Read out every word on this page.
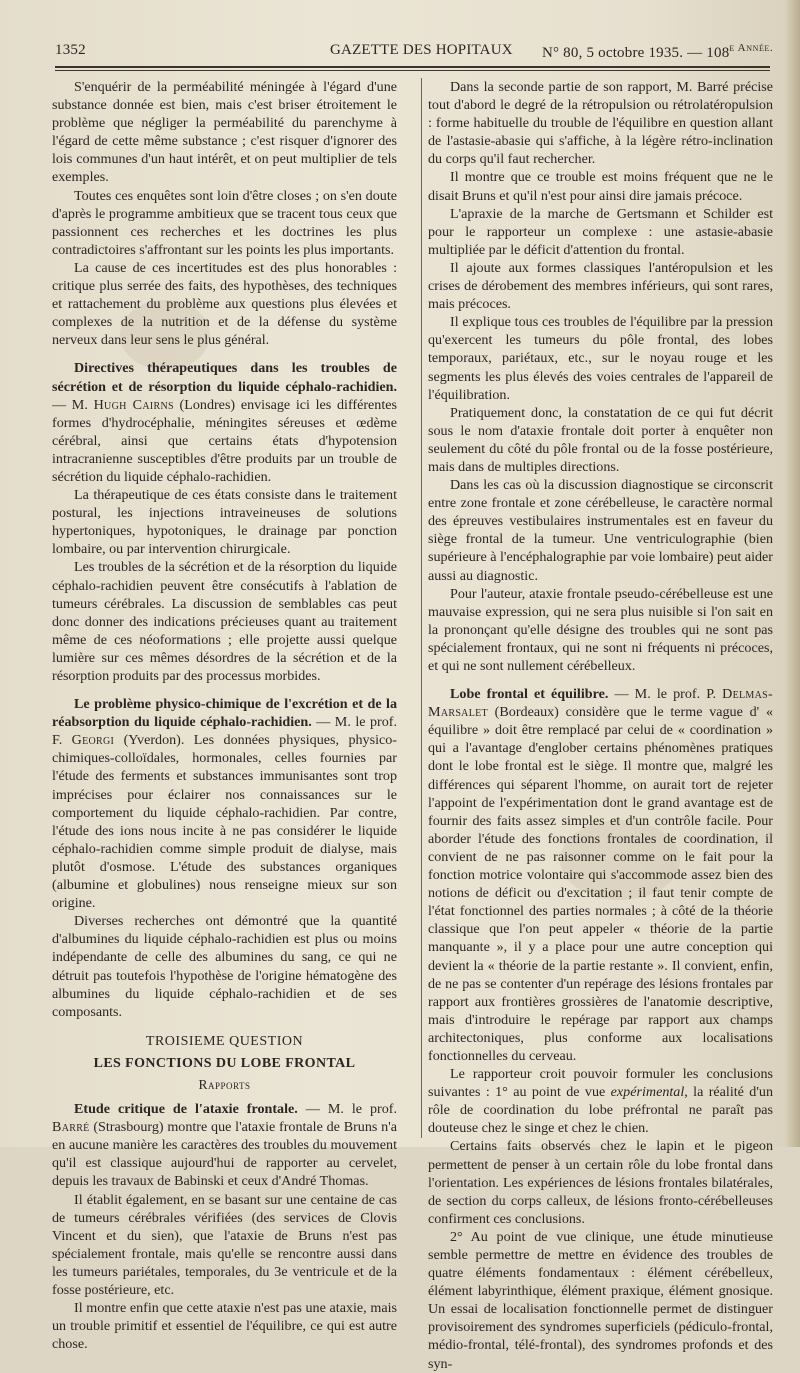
1352	GAZETTE DES HOPITAUX N° 80, 5 octobre 1935. — $108^{e Année.}$

S'enquérir de la perméabilité méningée à l'égard d'une substance donnée est bien, mais c'est briser étroitement le problème que négliger la perméabilité du parenchyme à l'égard de cette même substance ; c'est risquer d'ignorer des lois communes d'un haut intérêt, et on peut multiplier de tels exemples.

Toutes ces enquêtes sont loin d'être closes ; on s'en doute d'après le programme ambitieux que se tracent tous ceux que passionnent ces recherches et les doctrines les plus contradictoires s'affrontant sur les points les plus importants.

La cause de ces incertitudes est des plus honorables : critique plus serrée des faits, des hypothèses, des techniques et rattachement du problème aux questions plus élevées et complexes de la nutrition et de la défense du système nerveux dans leur sens le plus général.

Directives thérapeutiques dans les troubles de sécrétion et de résorption du liquide céphalo-rachidien. — M. Hugh Cairns (Londres) envisage ici les différentes formes d'hydrocéphalie, méningites séreuses et œdème cérébral, ainsi que certains états d'hypotension intracranienne susceptibles d'être produits par un trouble de sécrétion du liquide céphalo-rachidien.

La thérapeutique de ces états consiste dans le traitement postural, les injections intraveineuses de solutions hypertoniques, hypotoniques, le drainage par ponction lombaire, ou par intervention chirurgicale.

Les troubles de la sécrétion et de la résorption du liquide céphalo-rachidien peuvent être consécutifs à l'ablation de tumeurs cérébrales. La discussion de semblables cas peut donc donner des indications précieuses quant au traitement même de ces néoformations ; elle projette aussi quelque lumière sur ces mêmes désordres de la sécrétion et de la résorption produits par des processus morbides.

Le problème physico-chimique de l'excrétion et de la réabsorption du liquide céphalo-rachidien. — M. le prof. F. Georgi (Yverdon). Les données physiques, physico-chimiques-colloïdales, hormonales, celles fournies par l'étude des ferments et substances immunisantes sont trop imprécises pour éclairer nos connaissances sur le comportement du liquide céphalo-rachidien. Par contre, l'étude des ions nous incite à ne pas considérer le liquide céphalo-rachidien comme simple produit de dialyse, mais plutôt d'osmose. L'étude des substances organiques (albumine et globulines) nous renseigne mieux sur son origine.

Diverses recherches ont démontré que la quantité d'albumines du liquide céphalo-rachidien est plus ou moins indépendante de celle des albumines du sang, ce qui ne détruit pas toutefois l'hypothèse de l'origine hématogène des albumines du liquide céphalo-rachidien et de ses composants.

TROISIEME QUESTION

LES FONCTIONS DU LOBE FRONTAL

Rapports

Etude critique de l'ataxie frontale. — M. le prof. Barré (Strasbourg) montre que l'ataxie frontale de Bruns n'a en aucune manière les caractères des troubles du mouvement qu'il est classique aujourd'hui de rapporter au cervelet, depuis les travaux de Babinski et ceux d'André Thomas.

Il établit également, en se basant sur une centaine de cas de tumeurs cérébrales vérifiées (des services de Clovis Vincent et du sien), que l'ataxie de Bruns n'est pas spécialement frontale, mais qu'elle se rencontre aussi dans les tumeurs pariétales, temporales, du 3e ventricule et de la fosse postérieure, etc.

Il montre enfin que cette ataxie n'est pas une ataxie, mais un trouble primitif et essentiel de l'équilibre, ce qui est autre chose.

Dans la seconde partie de son rapport, M. Barré précise tout d'abord le degré de la rétropulsion ou rétrolatéropulsion : forme habituelle du trouble de l'équilibre en question allant de l'astasie-abasie qui s'affiche, à la légère rétro-inclination du corps qu'il faut rechercher.

Il montre que ce trouble est moins fréquent que ne le disait Bruns et qu'il n'est pour ainsi dire jamais précoce.

L'apraxie de la marche de Gertsmann et Schilder est pour le rapporteur un complexe : une astasie-abasie multipliée par le déficit d'attention du frontal.

Il ajoute aux formes classiques l'antéropulsion et les crises de dérobement des membres inférieurs, qui sont rares, mais précoces.

Il explique tous ces troubles de l'équilibre par la pression qu'exercent les tumeurs du pôle frontal, des lobes temporaux, pariétaux, etc., sur le noyau rouge et les segments les plus élevés des voies centrales de l'appareil de l'équilibration.

Pratiquement donc, la constatation de ce qui fut décrit sous le nom d'ataxie frontale doit porter à enquêter non seulement du côté du pôle frontal ou de la fosse postérieure, mais dans de multiples directions.

Dans les cas où la discussion diagnostique se circonscrit entre zone frontale et zone cérébelleuse, le caractère normal des épreuves vestibulaires instrumentales est en faveur du siège frontal de la tumeur. Une ventriculographie (bien supérieure à l'encéphalographie par voie lombaire) peut aider aussi au diagnostic.

Pour l'auteur, ataxie frontale pseudo-cérébelleuse est une mauvaise expression, qui ne sera plus nuisible si l'on sait en la prononçant qu'elle désigne des troubles qui ne sont pas spécialement frontaux, qui ne sont ni fréquents ni précoces, et qui ne sont nullement cérébelleux.

Lobe frontal et équilibre. — M. le prof. P. Delmas-Marsalet (Bordeaux) considère que le terme vague d' « équilibre » doit être remplacé par celui de « coordination » qui a l'avantage d'englober certains phénomènes pratiques dont le lobe frontal est le siège. Il montre que, malgré les différences qui séparent l'homme, on aurait tort de rejeter l'appoint de l'expérimentation dont le grand avantage est de fournir des faits assez simples et d'un contrôle facile. Pour aborder l'étude des fonctions frontales de coordination, il convient de ne pas raisonner comme on le fait pour la fonction motrice volontaire qui s'accommode assez bien des notions de déficit ou d'excitation ; il faut tenir compte de l'état fonctionnel des parties normales ; à côté de la théorie classique que l'on peut appeler « théorie de la partie manquante », il y a place pour une autre conception qui devient la « théorie de la partie restante ». Il convient, enfin, de ne pas se contenter d'un repérage des lésions frontales par rapport aux frontières grossières de l'anatomie descriptive, mais d'introduire le repérage par rapport aux champs architectoniques, plus conforme aux localisations fonctionnelles du cerveau.

Le rapporteur croit pouvoir formuler les conclusions suivantes : 1° au point de vue expérimental, la réalité d'un rôle de coordination du lobe préfrontal ne paraît pas douteuse chez le singe et chez le chien.

Certains faits observés chez le lapin et le pigeon permettent de penser à un certain rôle du lobe frontal dans l'orientation. Les expériences de lésions frontales bilatérales, de section du corps calleux, de lésions fronto-cérébelleuses confirment ces conclusions.

2° Au point de vue clinique, une étude minutieuse semble permettre de mettre en évidence des troubles de quatre éléments fondamentaux : élément cérébelleux, élément labyrinthique, élément praxique, élément gnosique. Un essai de localisation fonctionnelle permet de distinguer provisoirement des syndromes superficiels (pédiculo-frontal, médio-frontal, télé-frontal), des syndromes profonds et des syn-
